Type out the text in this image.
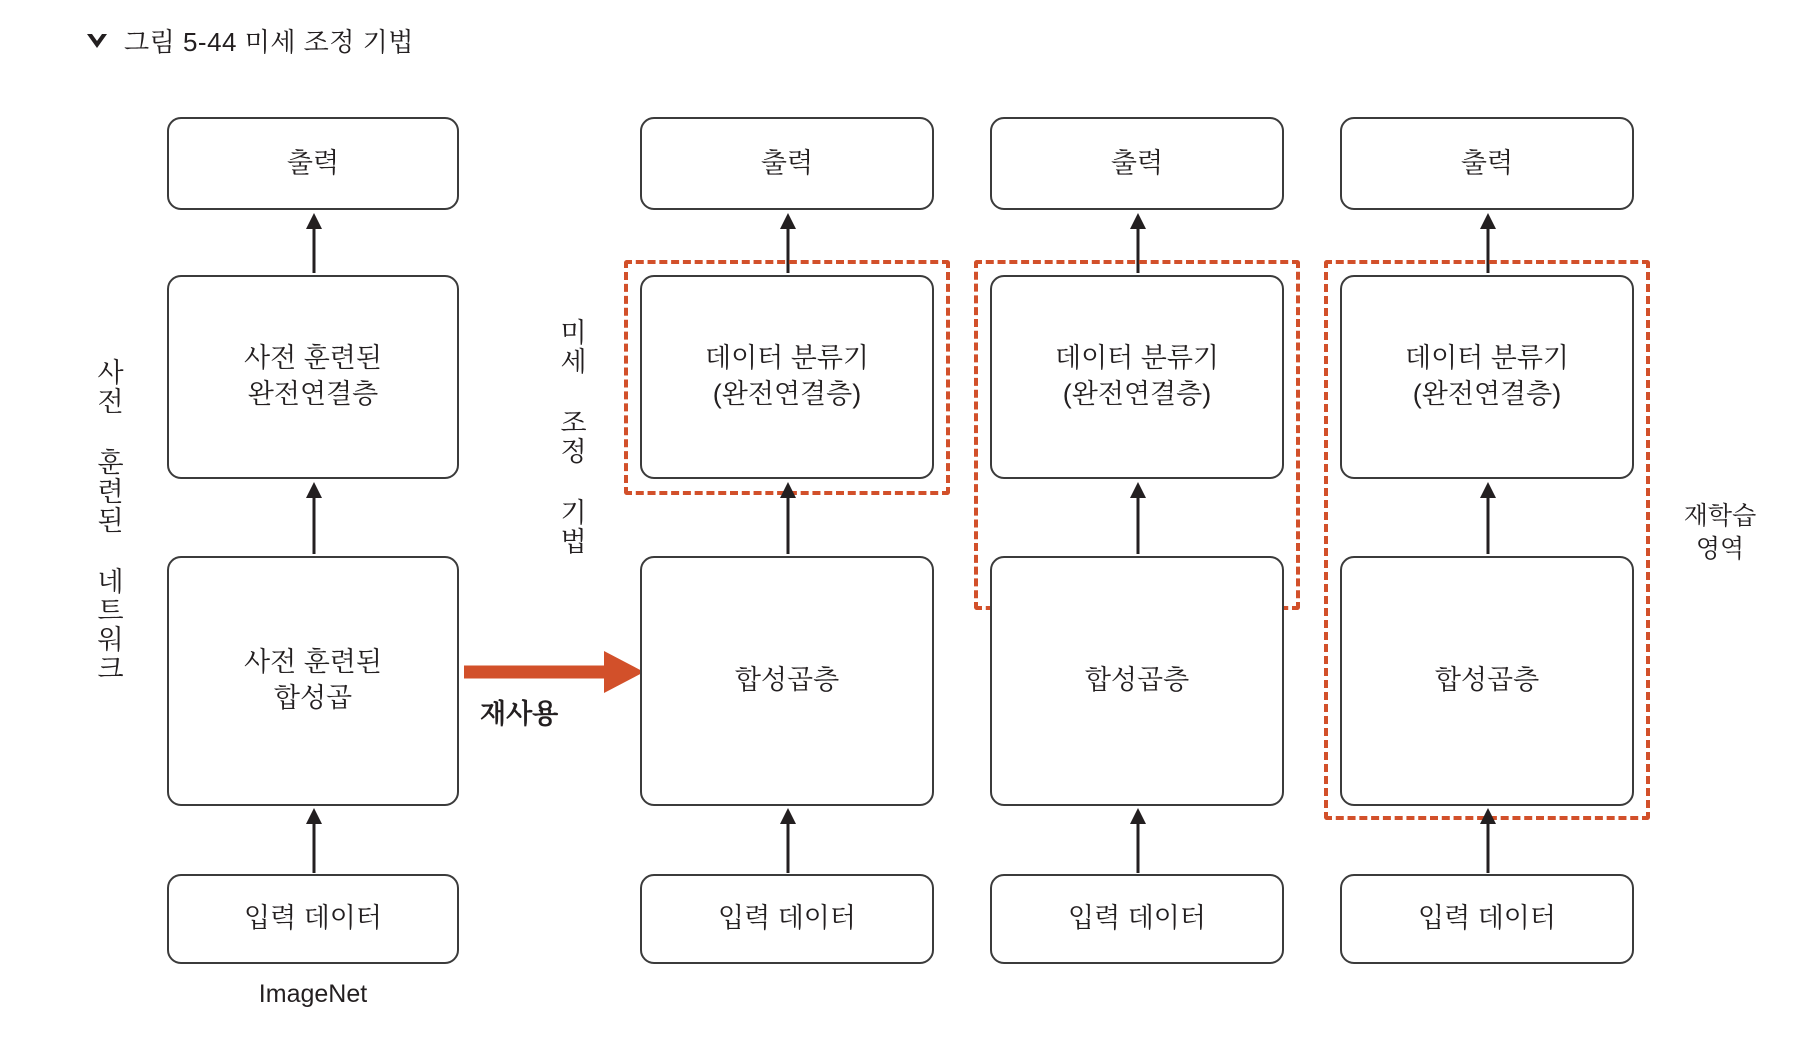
그림 5-44 미세 조정 기법
출력
사전 훈련된
완전연결층
사전 훈련된
합성곱
입력 데이터
ImageNet
사전 훈련된 네트워크
재사용
미세 조정 기법
출력
데이터 분류기
(완전연결층)
합성곱층
입력 데이터
출력
데이터 분류기
(완전연결층)
합성곱층
입력 데이터
출력
데이터 분류기
(완전연결층)
합성곱층
입력 데이터
재학습
영역
